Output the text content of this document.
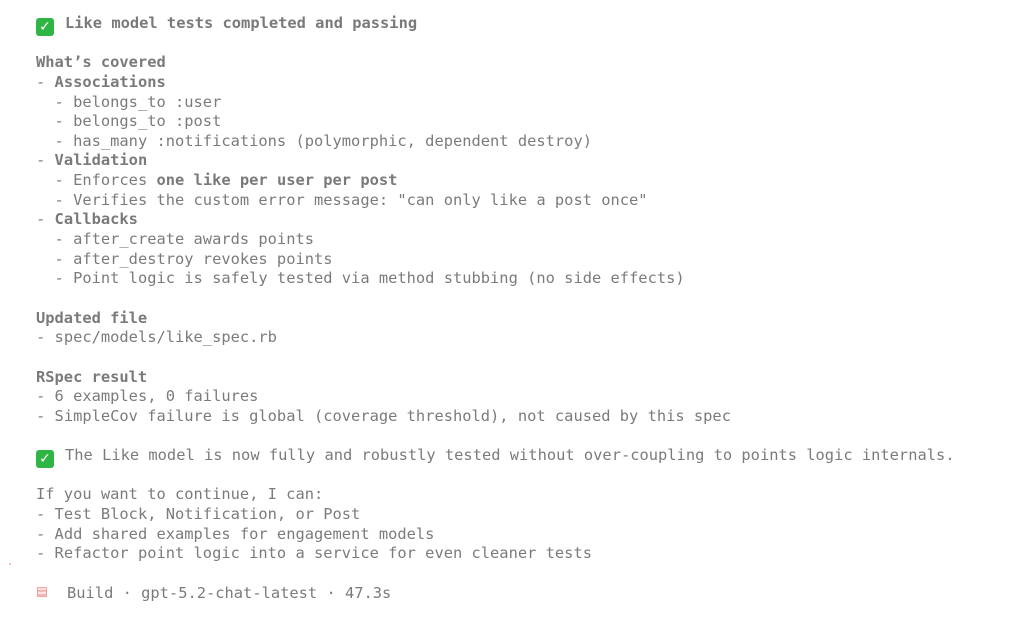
✓ Like model tests completed and passing
What’s covered
- Associations
- belongs_to :user
- belongs_to :post
- has_many :notifications (polymorphic, dependent destroy)
- Validation
- Enforces one like per user per post
- Verifies the custom error message: "can only like a post once"
- Callbacks
- after_create awards points
- after_destroy revokes points
- Point logic is safely tested via method stubbing (no side effects)
Updated file
- spec/models/like_spec.rb
RSpec result
- 6 examples, 0 failures
- SimpleCov failure is global (coverage threshold), not caused by this spec
✓ The Like model is now fully and robustly tested without over-coupling to points logic internals.
If you want to continue, I can:
- Test Block, Notification, or Post
- Add shared examples for engagement models
- Refactor point logic into a service for even cleaner tests
Build · gpt-5.2-chat-latest · 47.3s
